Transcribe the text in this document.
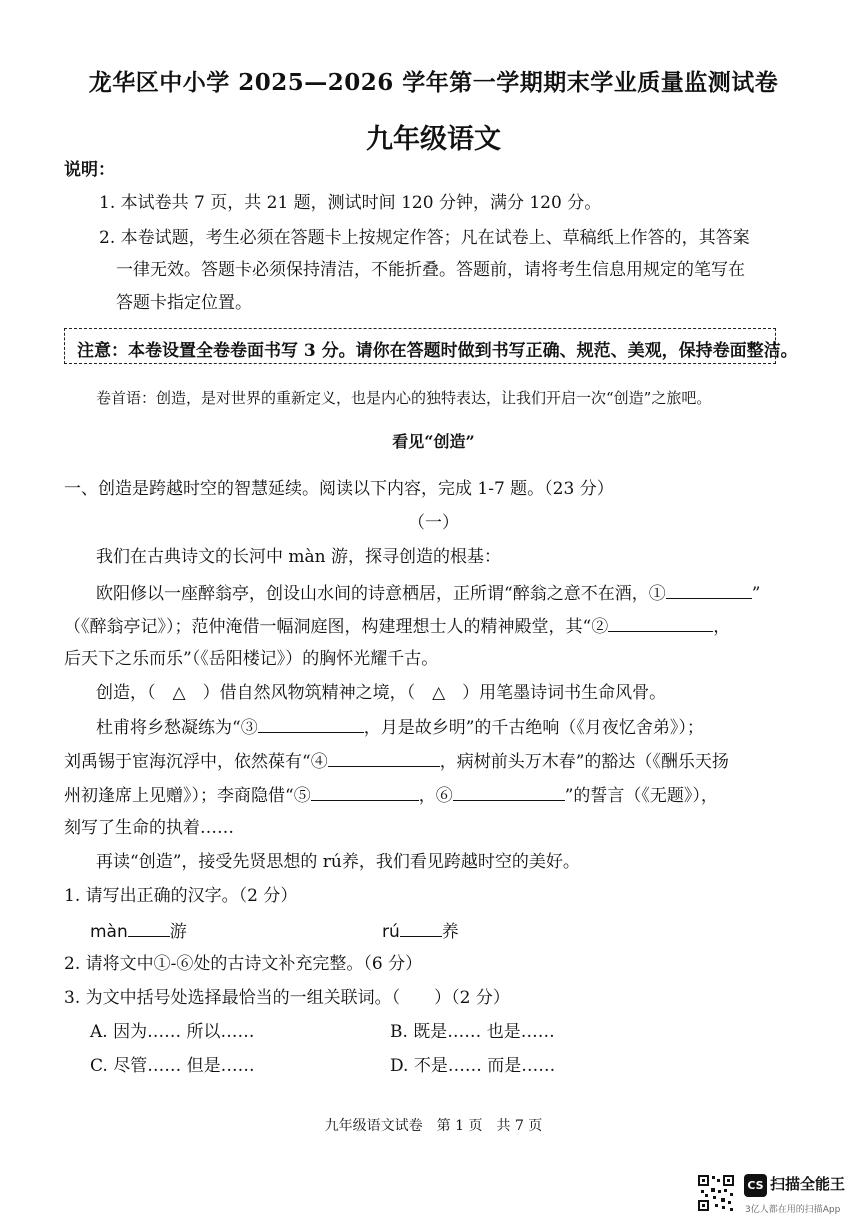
龙华区中小学 2025—2026 学年第一学期期末学业质量监测试卷
九年级语文
说明：
1. 本试卷共 7 页，共 21 题，测试时间 120 分钟，满分 120 分。
2. 本卷试题，考生必须在答题卡上按规定作答；凡在试卷上、草稿纸上作答的，其答案
一律无效。答题卡必须保持清洁，不能折叠。答题前，请将考生信息用规定的笔写在
答题卡指定位置。
注意：本卷设置全卷卷面书写 3 分。请你在答题时做到书写正确、规范、美观，保持卷面整洁。
卷首语：创造，是对世界的重新定义，也是内心的独特表达，让我们开启一次“创造”之旅吧。
看见“创造”
一、创造是跨越时空的智慧延续。阅读以下内容，完成 1-7 题。（23 分）
（一）
我们在古典诗文的长河中 màn 游，探寻创造的根基：
欧阳修以一座醉翁亭，创设山水间的诗意栖居，正所谓“醉翁之意不在酒，①	”
（《醉翁亭记》）；范仲淹借一幅洞庭图，构建理想士人的精神殿堂，其“②	，
后天下之乐而乐”（《岳阳楼记》）的胸怀光耀千古。
创造，（　△　）借自然风物筑精神之境，（　△　）用笔墨诗词书生命风骨。
杜甫将乡愁凝练为“③	，月是故乡明”的千古绝响（《月夜忆舍弟》）；
刘禹锡于宦海沉浮中，依然葆有“④	，病树前头万木春”的豁达（《酬乐天扬
州初逢席上见赠》）；李商隐借“⑤	，⑥	”的誓言（《无题》），
刻写了生命的执着……
再读“创造”，接受先贤思想的 rú养，我们看见跨越时空的美好。
1. 请写出正确的汉字。（2 分）
màn 游	rú 养
2. 请将文中①-⑥处的古诗文补充完整。（6 分）
3. 为文中括号处选择最恰当的一组关联词。（　　）（2 分）
A. 因为…… 所以……	B. 既是…… 也是……
C. 尽管…… 但是……	D. 不是…… 而是……
九年级语文试卷　第 1 页　共 7 页
CS 扫描全能王
3亿人都在用的扫描App
